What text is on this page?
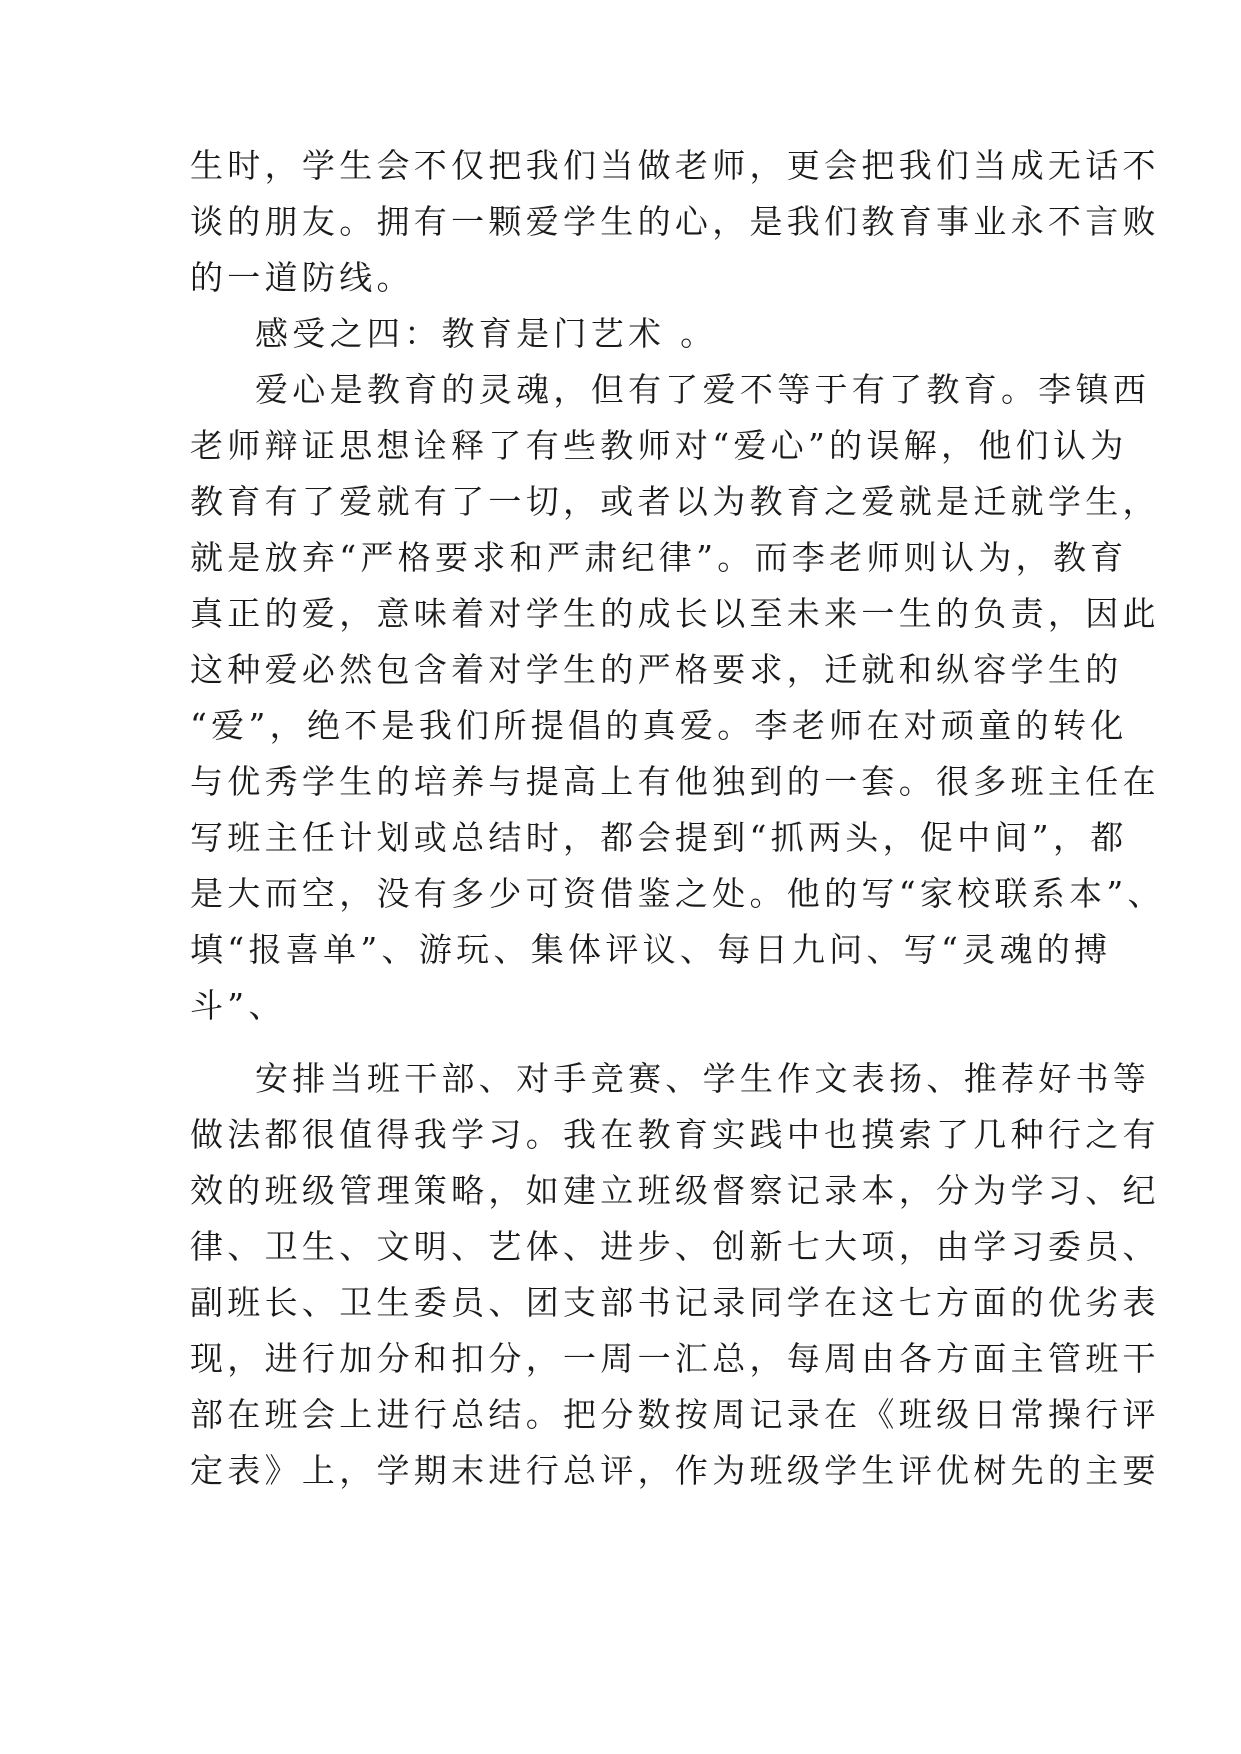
生时，学生会不仅把我们当做老师，更会把我们当成无话不
谈的朋友。拥有一颗爱学生的心，是我们教育事业永不言败
的一道防线。
感受之四：教育是门艺术 。
爱心是教育的灵魂，但有了爱不等于有了教育。李镇西
老师辩证思想诠释了有些教师对“爱心”的误解，他们认为
教育有了爱就有了一切，或者以为教育之爱就是迁就学生，
就是放弃“严格要求和严肃纪律”。而李老师则认为，教育
真正的爱，意味着对学生的成长以至未来一生的负责，因此
这种爱必然包含着对学生的严格要求，迁就和纵容学生的
“爱”，绝不是我们所提倡的真爱。李老师在对顽童的转化
与优秀学生的培养与提高上有他独到的一套。很多班主任在
写班主任计划或总结时，都会提到“抓两头，促中间”，都
是大而空，没有多少可资借鉴之处。他的写“家校联系本”、
填“报喜单”、游玩、集体评议、每日九问、写“灵魂的搏
斗”、
安排当班干部、对手竞赛、学生作文表扬、推荐好书等
做法都很值得我学习。我在教育实践中也摸索了几种行之有
效的班级管理策略，如建立班级督察记录本，分为学习、纪
律、卫生、文明、艺体、进步、创新七大项，由学习委员、
副班长、卫生委员、团支部书记录同学在这七方面的优劣表
现，进行加分和扣分，一周一汇总，每周由各方面主管班干
部在班会上进行总结。把分数按周记录在《班级日常操行评
定表》上，学期末进行总评，作为班级学生评优树先的主要
